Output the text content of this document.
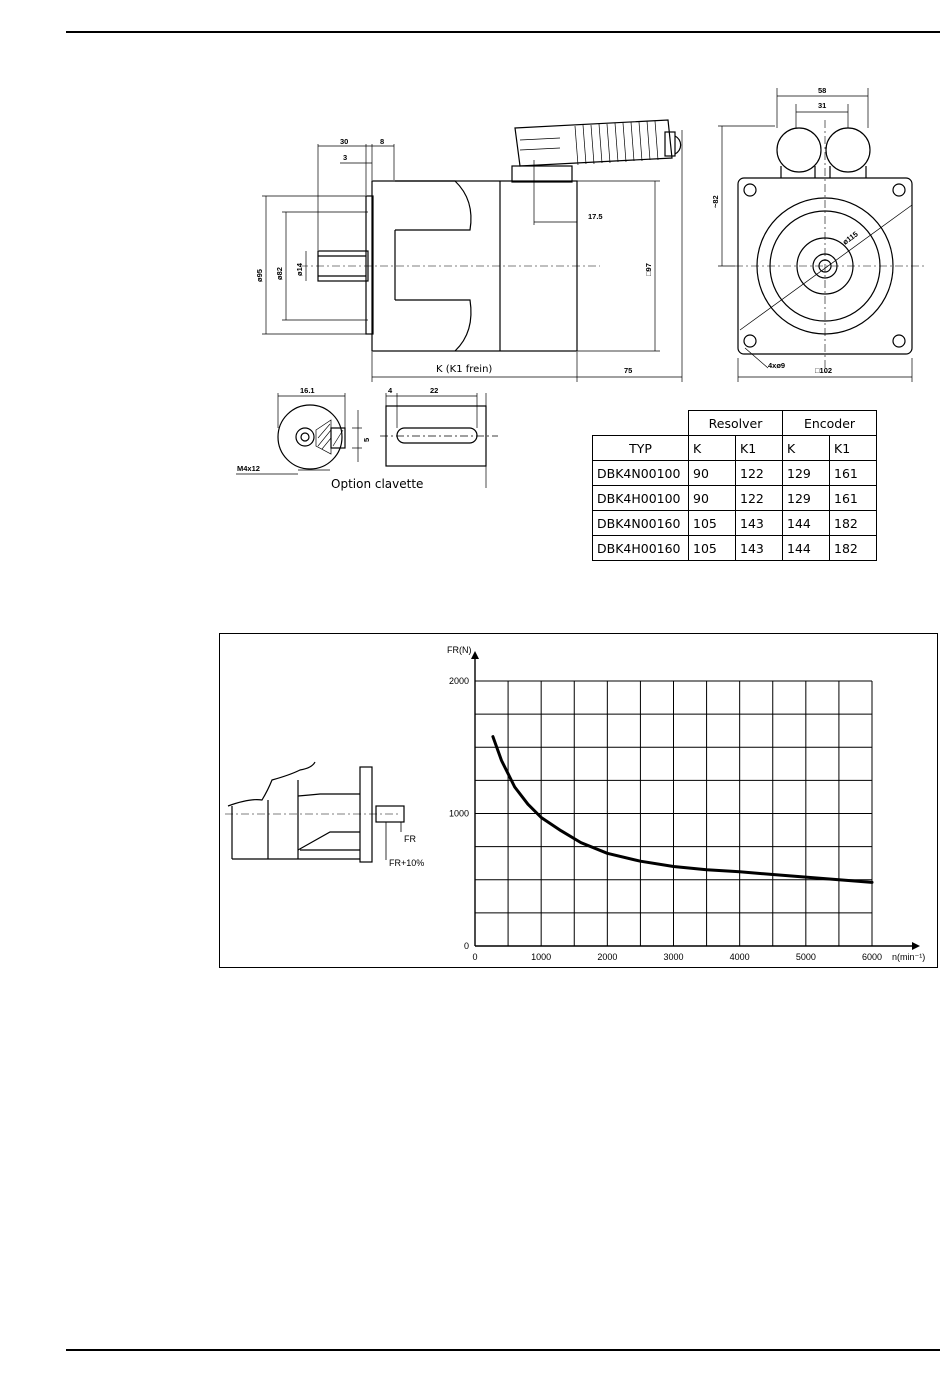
30	8
3
17.5
ø95 ø82 ø14	□97
K (K1 frein)	75
58
31
~82
ø115
4xø9
□102
16.1
5
M4x12
4	22
Option clavette
FR
FR+10%
0	1000	2000	3000	4000	5000	6000
0
1000
2000
FR(N)
n(min⁻¹)
	Resolver		Encoder	
TYP	K	K1	K	K1
DBK4N00100	90	122	129	161
DBK4H00100	90	122	129	161
DBK4N00160	105	143	144	182
DBK4H00160	105	143	144	182
